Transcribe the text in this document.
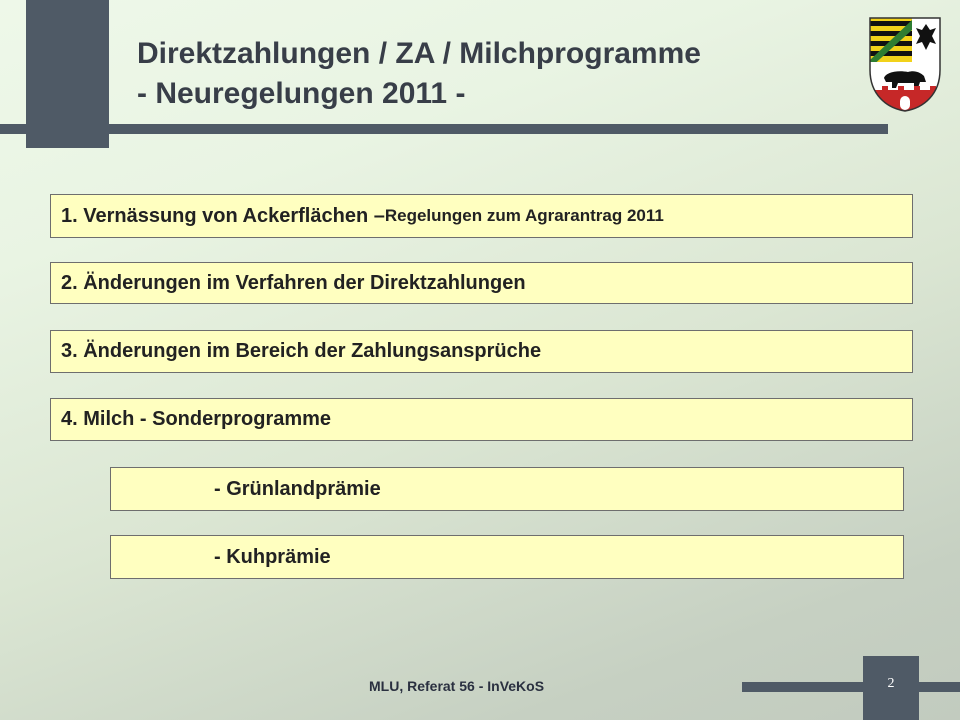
Direktzahlungen / ZA / Milchprogramme
- Neuregelungen 2011 -
1. Vernässung von Ackerflächen – Regelungen zum Agrarantrag 2011
2. Änderungen im Verfahren der Direktzahlungen
3. Änderungen im Bereich der Zahlungsansprüche
4. Milch - Sonderprogramme
- Grünlandprämie
- Kuhprämie
2
MLU, Referat 56 - InVeKoS
